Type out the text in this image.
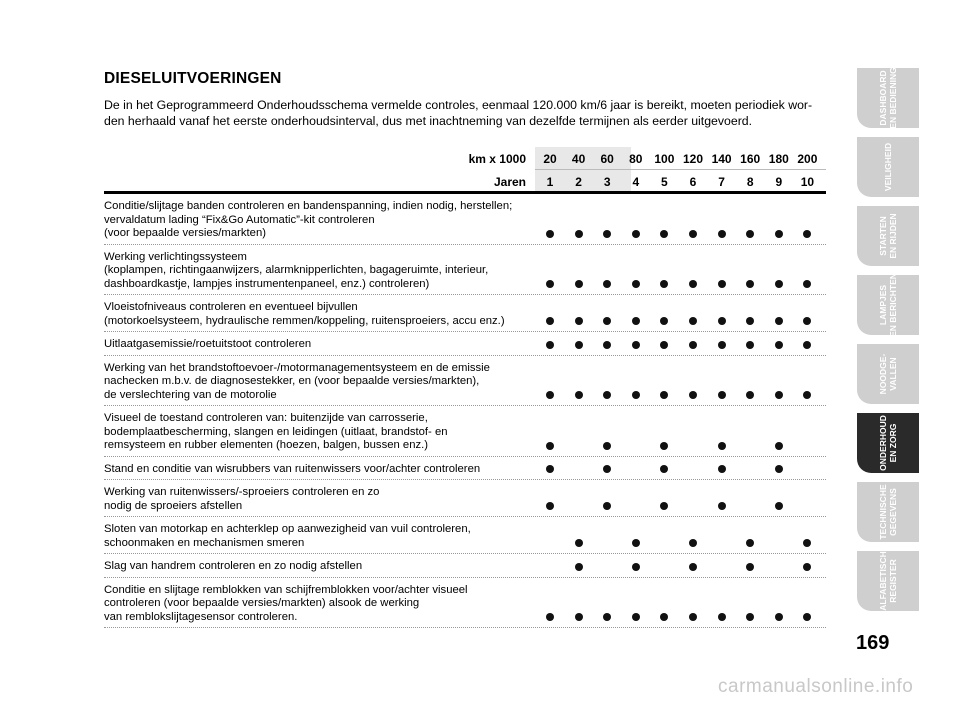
DIESELUITVOERINGEN
De in het Geprogrammeerd Onderhoudsschema vermelde controles, eenmaal 120.000 km/6 jaar is bereikt, moeten periodiek wor-den herhaald vanaf het eerste onderhoudsinterval, dus met inachtneming van dezelfde termijnen als eerder uitgevoerd.
km x 1000
Jaren
20
1
40
2
60
3
80
4
100
5
120
6
140
7
160
8
180
9
200
10
Conditie/slijtage banden controleren en bandenspanning, indien nodig, herstellen; vervaldatum lading “Fix&Go Automatic”-kit controleren
(voor bepaalde versies/markten)
Werking verlichtingssysteem
(koplampen, richtingaanwijzers, alarmknipperlichten, bagageruimte, interieur, dashboardkastje, lampjes instrumentenpaneel, enz.) controleren)
Vloeistofniveaus controleren en eventueel bijvullen
(motorkoelsysteem, hydraulische remmen/koppeling, ruitensproeiers, accu enz.)
Uitlaatgasemissie/roetuitstoot controleren
Werking van het brandstoftoevoer-/motormanagementsysteem en de emissie
nachecken m.b.v. de diagnosestekker, en (voor bepaalde versies/markten),
de verslechtering van de motorolie
Visueel de toestand controleren van: buitenzijde van carrosserie,
bodemplaatbescherming, slangen en leidingen (uitlaat, brandstof- en
remsysteem en rubber elementen (hoezen, balgen, bussen enz.)
Stand en conditie van wisrubbers van ruitenwissers voor/achter controleren
Werking van ruitenwissers/-sproeiers controleren en zo
nodig de sproeiers afstellen
Sloten van motorkap en achterklep op aanwezigheid van vuil controleren,
schoonmaken en mechanismen smeren
Slag van handrem controleren en zo nodig afstellen
Conditie en slijtage remblokken van schijfremblokken voor/achter visueel
controleren (voor bepaalde versies/markten) alsook de werking
van remblokslijtagesensor controleren.
DASHBOARD
EN BEDIENING
VEILIGHEID
STARTEN
EN RIJDEN
LAMPJES
EN BERICHTEN
NOODGE-
VALLEN
ONDERHOUD
EN ZORG
TECHNISCHE
GEGEVENS
ALFABETISCH
REGISTER
169
carmanualsonline.info
